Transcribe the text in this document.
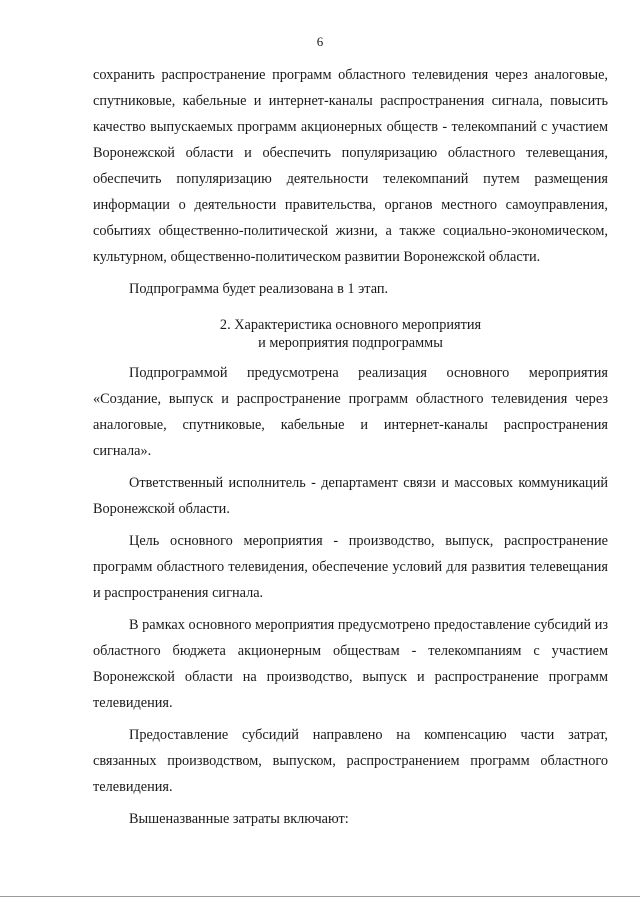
6

сохранить распространение программ областного телевидения через аналоговые, спутниковые, кабельные и интернет-каналы распространения сигнала, повысить качество выпускаемых программ акционерных обществ - телекомпаний с участием Воронежской области и обеспечить популяризацию областного телевещания, обеспечить популяризацию деятельности телекомпаний путем размещения информации о деятельности правительства, органов местного самоуправления, событиях общественно-политической жизни, а также социально-экономическом, культурном, общественно-политическом развитии Воронежской области.

Подпрограмма будет реализована в 1 этап.

2. Характеристика основного мероприятия
и мероприятия подпрограммы

Подпрограммой предусмотрена реализация основного мероприятия «Создание, выпуск и распространение программ областного телевидения через аналоговые, спутниковые, кабельные и интернет-каналы распространения сигнала».

Ответственный исполнитель - департамент связи и массовых коммуникаций Воронежской области.

Цель основного мероприятия - производство, выпуск, распространение программ областного телевидения, обеспечение условий для развития телевещания и распространения сигнала.

В рамках основного мероприятия предусмотрено предоставление субсидий из областного бюджета акционерным обществам - телекомпаниям с участием Воронежской области на производство, выпуск и распространение программ телевидения.

Предоставление субсидий направлено на компенсацию части затрат, связанных производством, выпуском, распространением программ областного телевидения.

Вышеназванные затраты включают:
